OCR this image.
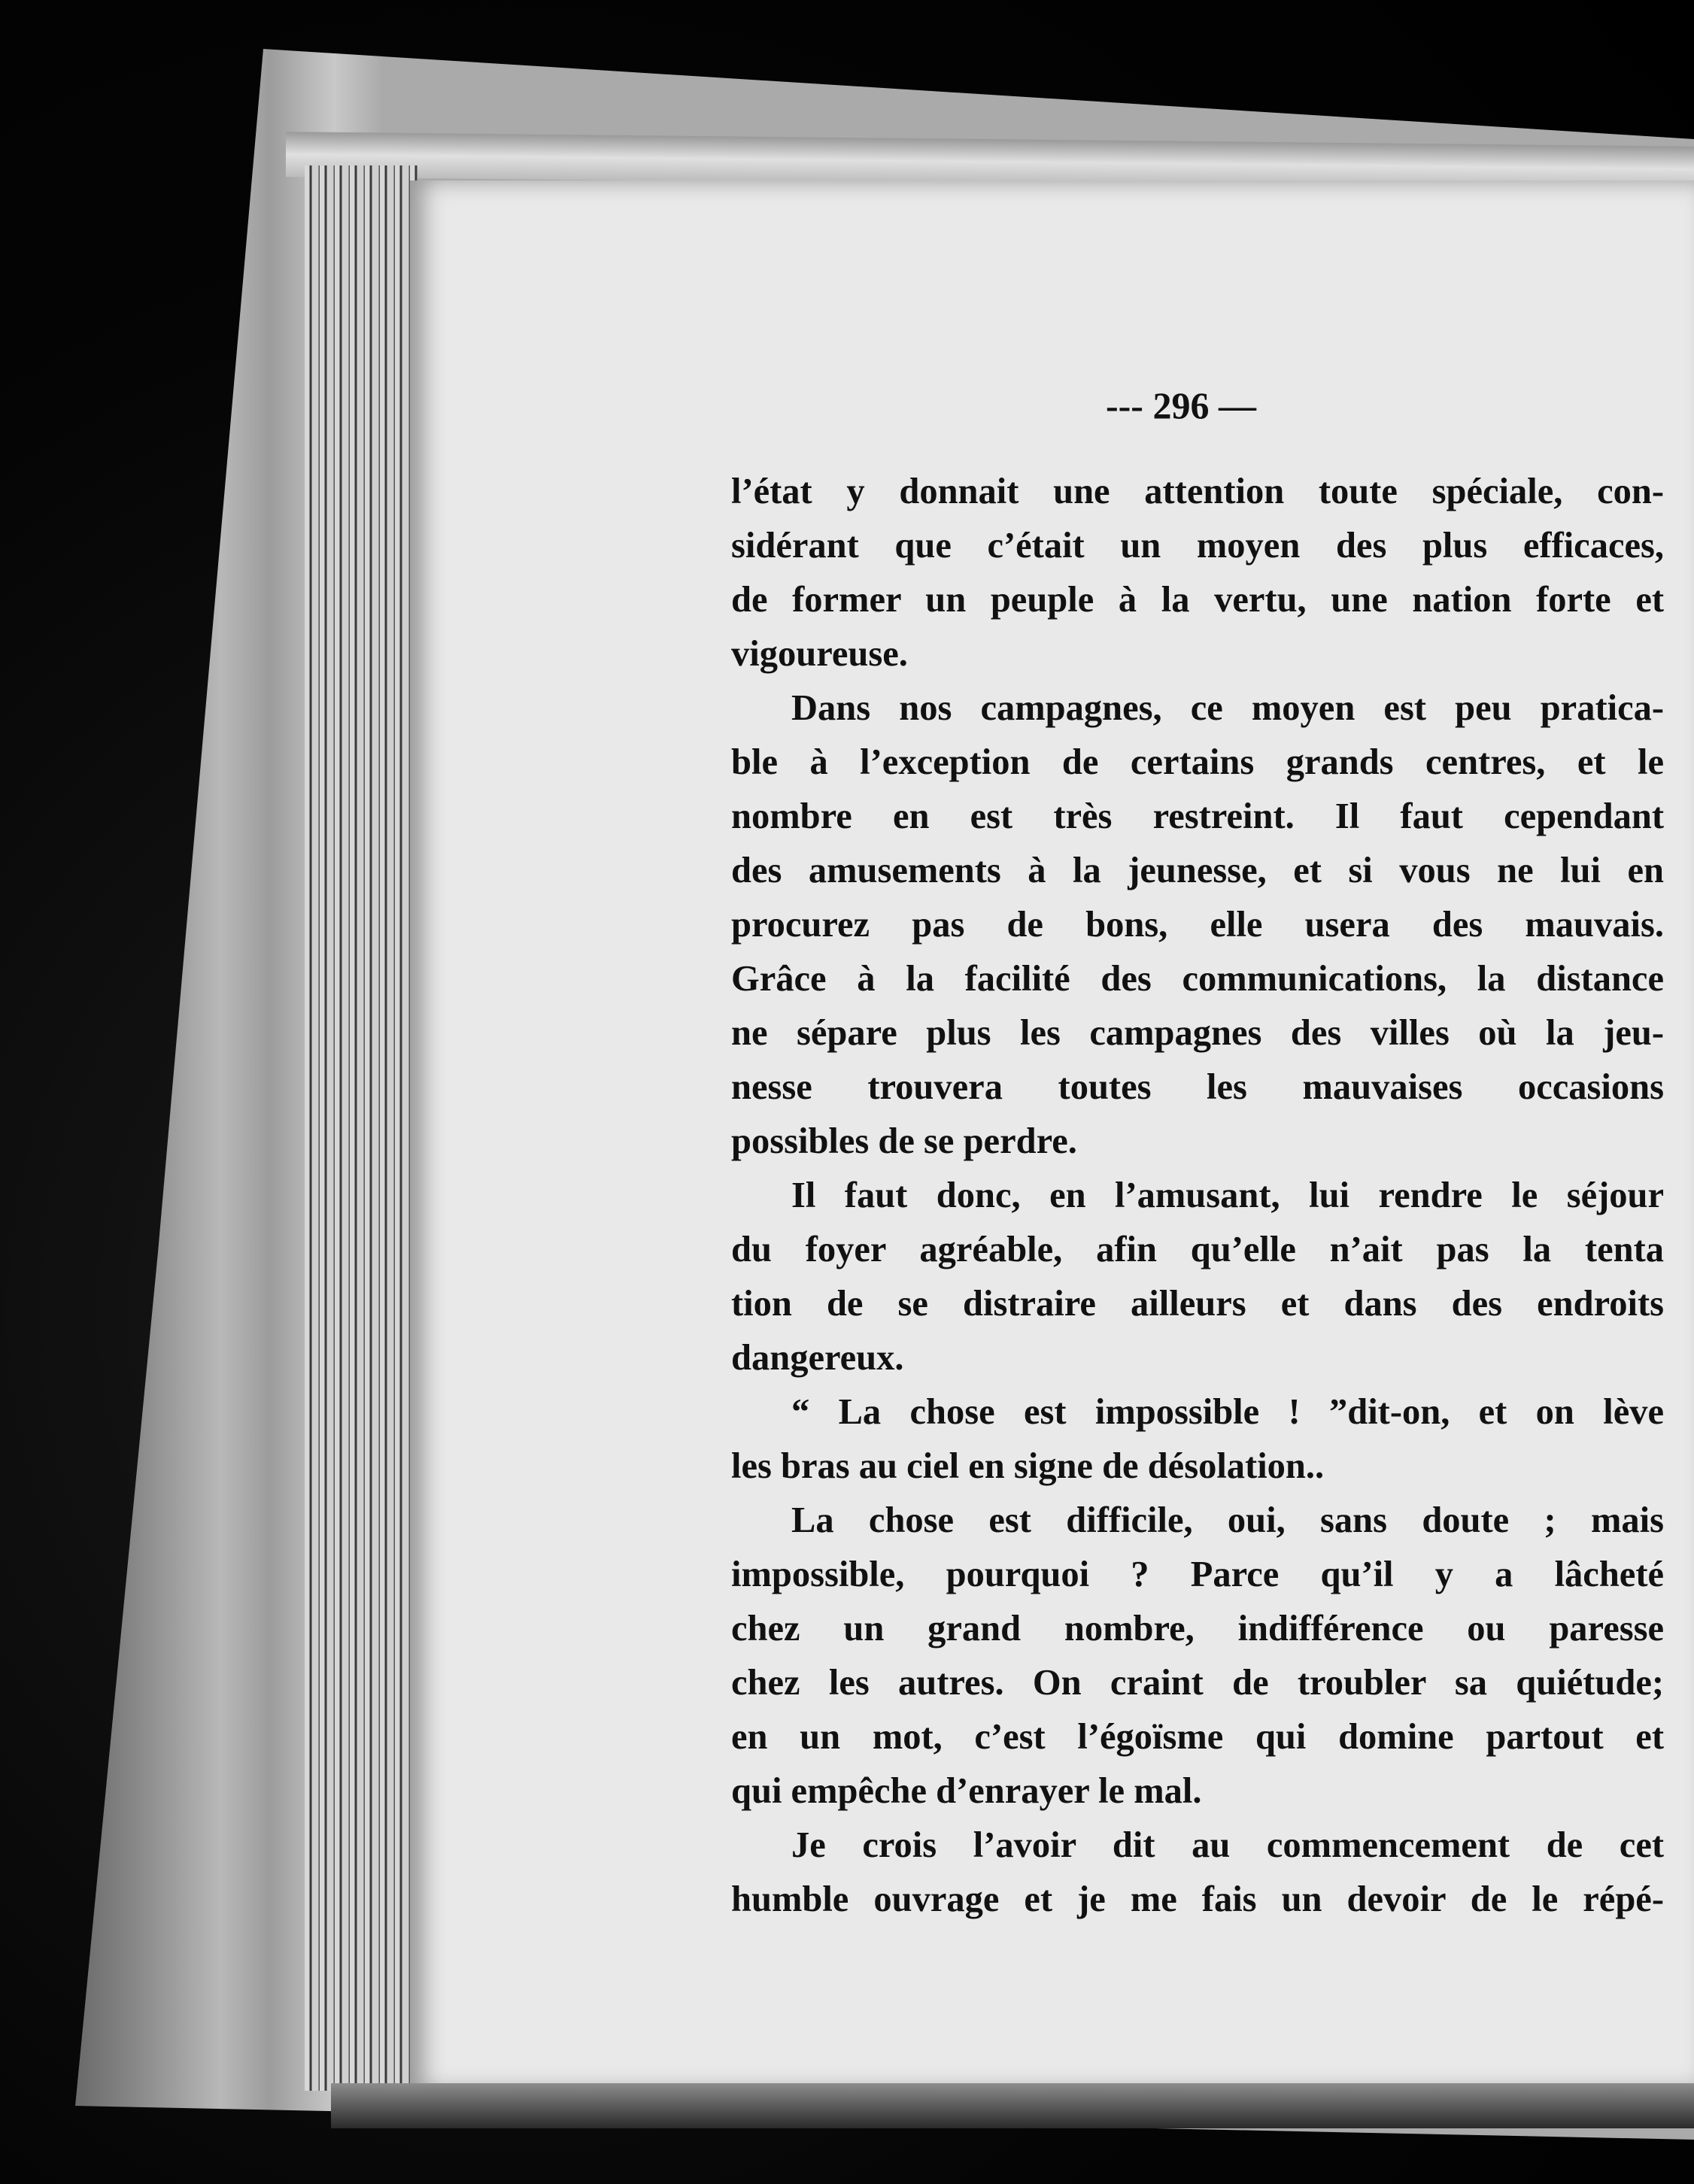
--- 296 —
l’état y donnait une attention toute spéciale, con-
sidérant que c’était un moyen des plus efficaces,
de former un peuple à la vertu, une nation forte et
vigoureuse.
Dans nos campagnes, ce moyen est peu pratica-
ble à l’exception de certains grands centres, et le
nombre en est très restreint. Il faut cependant
des amusements à la jeunesse, et si vous ne lui en
procurez pas de bons, elle usera des mauvais.
Grâce à la facilité des communications, la distance
ne sépare plus les campagnes des villes où la jeu-
nesse trouvera toutes les mauvaises occasions
possibles de se perdre.
Il faut donc, en l’amusant, lui rendre le séjour
du foyer agréable, afin qu’elle n’ait pas la tenta
tion de se distraire ailleurs et dans des endroits
dangereux.
“ La chose est impossible ! ”dit-on, et on lève
les bras au ciel en signe de désolation..
La chose est difficile, oui, sans doute ; mais
impossible, pourquoi ? Parce qu’il y a lâcheté
chez un grand nombre, indifférence ou paresse
chez les autres. On craint de troubler sa quiétude;
en un mot, c’est l’égoïsme qui domine partout et
qui empêche d’enrayer le mal.
Je crois l’avoir dit au commencement de cet
humble ouvrage et je me fais un devoir de le répé-
